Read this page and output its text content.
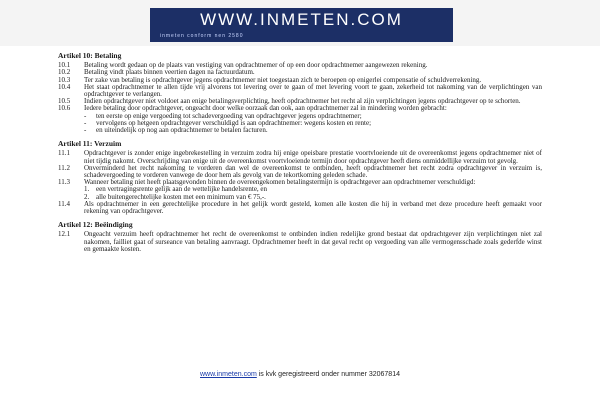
WWW.INMETEN.COM
inmeten conform nen 2580
Artikel 10: Betaling
10.1	Betaling wordt gedaan op de plaats van vestiging van opdrachtnemer of op een door opdrachtnemer aangewezen rekening.
10.2	Betaling vindt plaats binnen veertien dagen na factuurdatum.
10.3	Ter zake van betaling is opdrachtgever jegens opdrachtnemer niet toegestaan zich te beroepen op enigerlei compensatie of schuldverrekening.
10.4	Het staat opdrachtnemer te allen tijde vrij alvorens tot levering over te gaan of met levering voort te gaan, zekerheid tot nakoming van de verplichtingen van opdrachtgever te verlangen.
10.5	Indien opdrachtgever niet voldoet aan enige betalingsverplichting, heeft opdrachtnemer het recht al zijn verplichtingen jegens opdrachtgever op te schorten.
10.6	Iedere betaling door opdrachtgever, ongeacht door welke oorzaak dan ook, aan opdrachtnemer zal in mindering worden gebracht:
-	ten eerste op enige vergoeding tot schadevergoeding van opdrachtgever jegens opdrachtnemer;
-	vervolgens op hetgeen opdrachtgever verschuldigd is aan opdrachtnemer: wegens kosten en rente;
-	en uiteindelijk op nog aan opdrachtnemer te betalen facturen.
Artikel 11: Verzuim
11.1	Opdrachtgever is zonder enige ingebrekestelling in verzuim zodra hij enige opeisbare prestatie voortvloeiende uit de overeenkomst jegens opdrachtnemer niet of niet tijdig nakomt. Overschrijding van enige uit de overeenkomst voortvloeiende termijn door opdrachtgever heeft diens onmiddellijke verzuim tot gevolg.
11.2	Onverminderd het recht nakoming te vorderen dan wel de overeenkomst te ontbinden, heeft opdrachtnemer het recht zodra opdrachtgever in verzuim is, schadevergoeding te vorderen vanwege de door hem als gevolg van de tekortkoming geleden schade.
11.3	Wanneer betaling niet heeft plaatsgevonden binnen de overeengekomen betalingstermijn is opdrachtgever aan opdrachtnemer verschuldigd:
1. een vertragingsrente gelijk aan de wettelijke handelsrente, en
2. alle buitengerechtelijke kosten met een minimum van € 75,-.
11.4	Als opdrachtnemer in een gerechtelijke procedure in het gelijk wordt gesteld, komen alle kosten die hij in verband met deze procedure heeft gemaakt voor rekening van opdrachtgever.
Artikel 12: Beëindiging
12.1	Ongeacht verzuim heeft opdrachtnemer het recht de overeenkomst te ontbinden indien redelijke grond bestaat dat opdrachtgever zijn verplichtingen niet zal nakomen, failliet gaat of surseance van betaling aanvraagt. Opdrachtnemer heeft in dat geval recht op vergoeding van alle vermogensschade zoals gederfde winst en gemaakte kosten.
www.inmeten.com is kvk geregistreerd onder nummer 32067814
